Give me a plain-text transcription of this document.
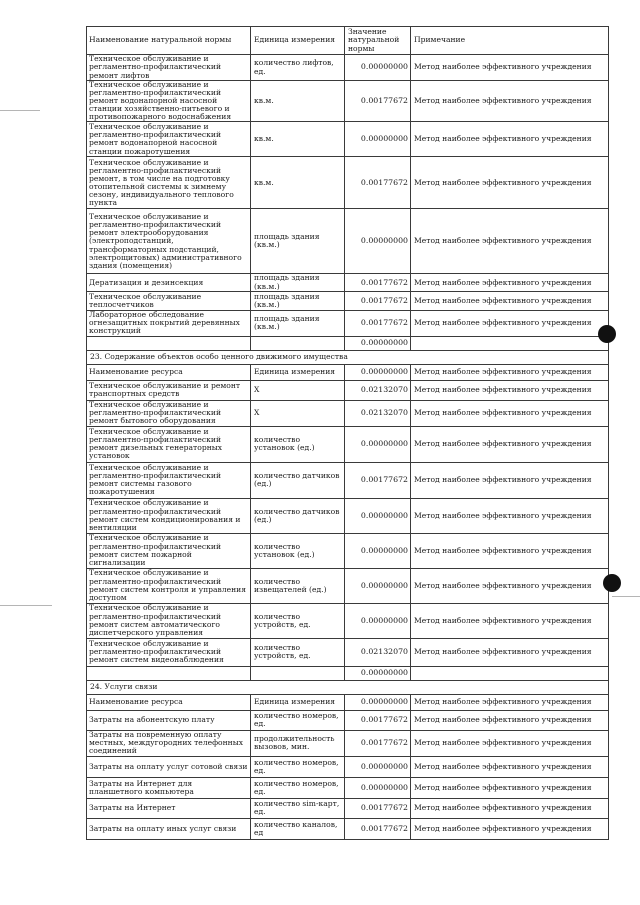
Наименование натуральной нормы	Единица измерения	Значение натуральной нормы	Примечание
Техническое обслуживание и регламентно-профилактический ремонт лифтов	количество лифтов, ед.	0.00000000	Метод наиболее эффективного учреждения
Техническое обслуживание и регламентно-профилактический ремонт водонапорной насосной станции хозяйственно-питьевого и противопожарного водоснабжения	кв.м.	0.00177672	Метод наиболее эффективного учреждения
Техническое обслуживание и регламентно-профилактический ремонт водонапорной насосной станции пожаротушения	кв.м.	0.00000000	Метод наиболее эффективного учреждения
Техническое обслуживание и регламентно-профилактический ремонт, в том числе на подготовку отопительной системы к зимнему сезону, индивидуального теплового пункта	кв.м.	0.00177672	Метод наиболее эффективного учреждения
Техническое обслуживание и регламентно-профилактический ремонт электрооборудования (электроподстанций, трансформаторных подстанций, электрощитовых) административного здания (помещения)	площадь здания (кв.м.)	0.00000000	Метод наиболее эффективного учреждения
Дератизация и дезинсекция	площадь здания (кв.м.)	0.00177672	Метод наиболее эффективного учреждения
Техническое обслуживание теплосчетчиков	площадь здания (кв.м.)	0.00177672	Метод наиболее эффективного учреждения
Лабораторное обследование огнезащитных покрытий деревянных конструкций	площадь здания (кв.м.)	0.00177672	Метод наиболее эффективного учреждения
		0.00000000	
23. Содержание объектов особо ценного движимого имущества			
Наименование ресурса	Единица измерения	0.00000000	Метод наиболее эффективного учреждения
Техническое обслуживание и ремонт транспортных средств	Х	0.02132070	Метод наиболее эффективного учреждения
Техническое обслуживание и регламентно-профилактический ремонт бытового оборудования	Х	0.02132070	Метод наиболее эффективного учреждения
Техническое обслуживание и регламентно-профилактический ремонт дизельных генераторных установок	количество установок (ед.)	0.00000000	Метод наиболее эффективного учреждения
Техническое обслуживание и регламентно-профилактический ремонт системы газового пожаротушения	количество датчиков (ед.)	0.00177672	Метод наиболее эффективного учреждения
Техническое обслуживание и регламентно-профилактический ремонт систем кондиционирования и вентиляции	количество датчиков (ед.)	0.00000000	Метод наиболее эффективного учреждения
Техническое обслуживание и регламентно-профилактический ремонт систем пожарной сигнализации	количество установок (ед.)	0.00000000	Метод наиболее эффективного учреждения
Техническое обслуживание и регламентно-профилактический ремонт систем контроля и управления доступом	количество извещателей (ед.)	0.00000000	Метод наиболее эффективного учреждения
Техническое обслуживание и регламентно-профилактический ремонт систем автоматического диспетчерского управления	количество устройств, ед.	0.00000000	Метод наиболее эффективного учреждения
Техническое обслуживание и регламентно-профилактический ремонт систем видеонаблюдения	количество устройств, ед.	0.02132070	Метод наиболее эффективного учреждения
		0.00000000	
24. Услуги связи			
Наименование ресурса	Единица измерения	0.00000000	Метод наиболее эффективного учреждения
Затраты на абонентскую плату	количество номеров, ед.	0.00177672	Метод наиболее эффективного учреждения
Затраты на повременную оплату местных, междугородних телефонных соединений	продолжительность вызовов, мин.	0.00177672	Метод наиболее эффективного учреждения
Затраты на оплату услуг сотовой связи	количество номеров, ед.	0.00000000	Метод наиболее эффективного учреждения
Затраты на Интернет для планшетного компьютера	количество номеров, ед.	0.00000000	Метод наиболее эффективного учреждения
Затраты на Интернет	количество sim-карт, ед.	0.00177672	Метод наиболее эффективного учреждения
Затраты на оплату иных услуг связи	количество каналов, ед	0.00177672	Метод наиболее эффективного учреждения
